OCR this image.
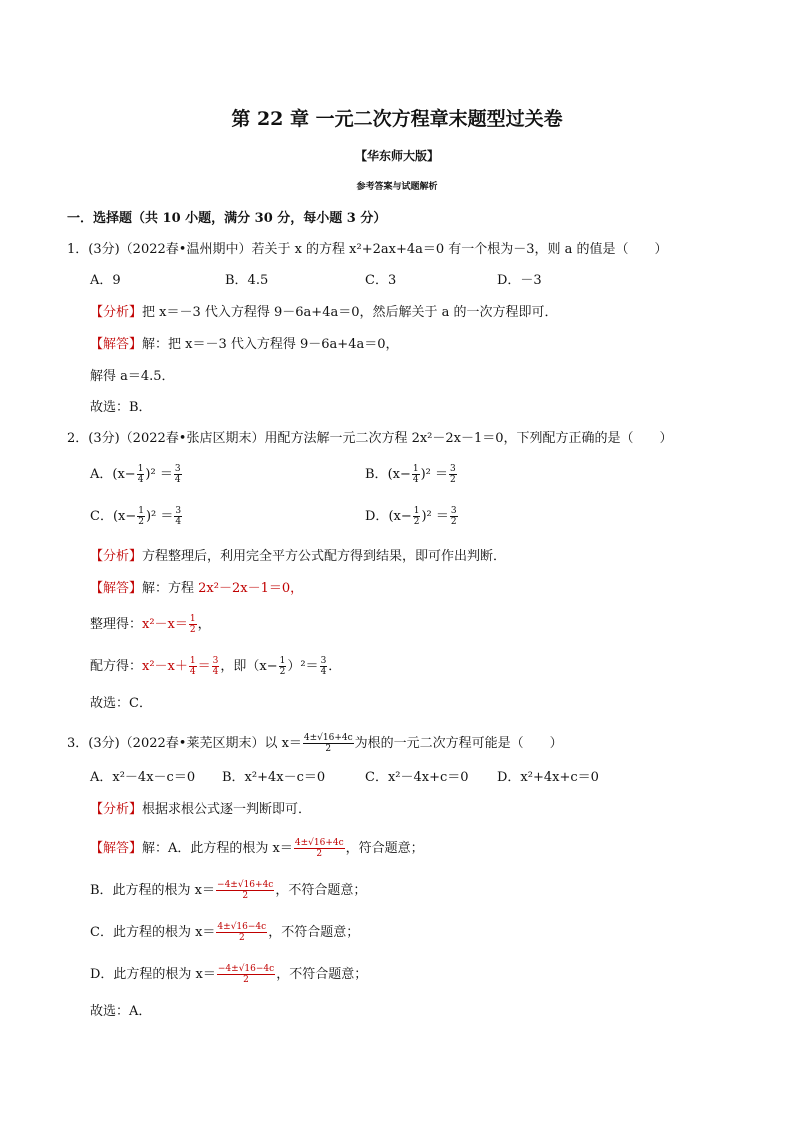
第 22 章 一元二次方程章末题型过关卷
【华东师大版】
参考答案与试题解析
一．选择题（共 10 小题，满分 30 分，每小题 3 分）
1．(3分)（2022春•温州期中）若关于 x 的方程 x²+2ax+4a＝0 有一个根为－3，则 a 的值是（　　）
A．9	B．4.5	C．3	D．－3
【分析】把 x＝－3 代入方程得 9－6a+4a＝0，然后解关于 a 的一次方程即可．
【解答】解：把 x＝－3 代入方程得 9－6a+4a＝0，
解得 a＝4.5．
故选：B．
2．(3分)（2022春•张店区期末）用配方法解一元二次方程 2x²－2x－1＝0，下列配方正确的是（　　）
A．$(x- \frac{1}{4} )^2 = \frac{3}{4}$	B．$(x- \frac{1}{4} )^2 = \frac{3}{2}$
C．$(x- \frac{1}{2} )^2 = \frac{3}{4}$	D．$(x- \frac{1}{2} )^2 = \frac{3}{2}$
【分析】方程整理后，利用完全平方公式配方得到结果，即可作出判断．
【解答】解：方程 2x²－2x－1＝0，
整理得：$x^2-x= \frac{1}{2}$ ，
配方得：$x^2-x+ \frac{1}{4} = \frac{3}{4}$ ，即$(x- \frac{1}{2} )^2= \frac{3}{4}$ ．
故选：C．
3．(3分)（2022春•莱芜区期末）以 $x= \frac{4\pm√16+4c}{2}$ 为根的一元二次方程可能是（　　）
A．x²－4x－c＝0 B．x²+4x－c＝0	C．x²－4x+c＝0 D．x²+4x+c＝0
【分析】根据求根公式逐一判断即可．
【解答】解：A．此方程的根为 $x= \frac{4\pm√16+4c}{2}$ ，符合题意；
B．此方程的根为 $x= \frac{-4\pm√16+4c}{2}$ ，不符合题意；
C．此方程的根为 $x= \frac{4\pm√16-4c}{2}$ ，不符合题意；
D．此方程的根为 $x= \frac{-4\pm√16-4c}{2}$ ，不符合题意；
故选：A．
